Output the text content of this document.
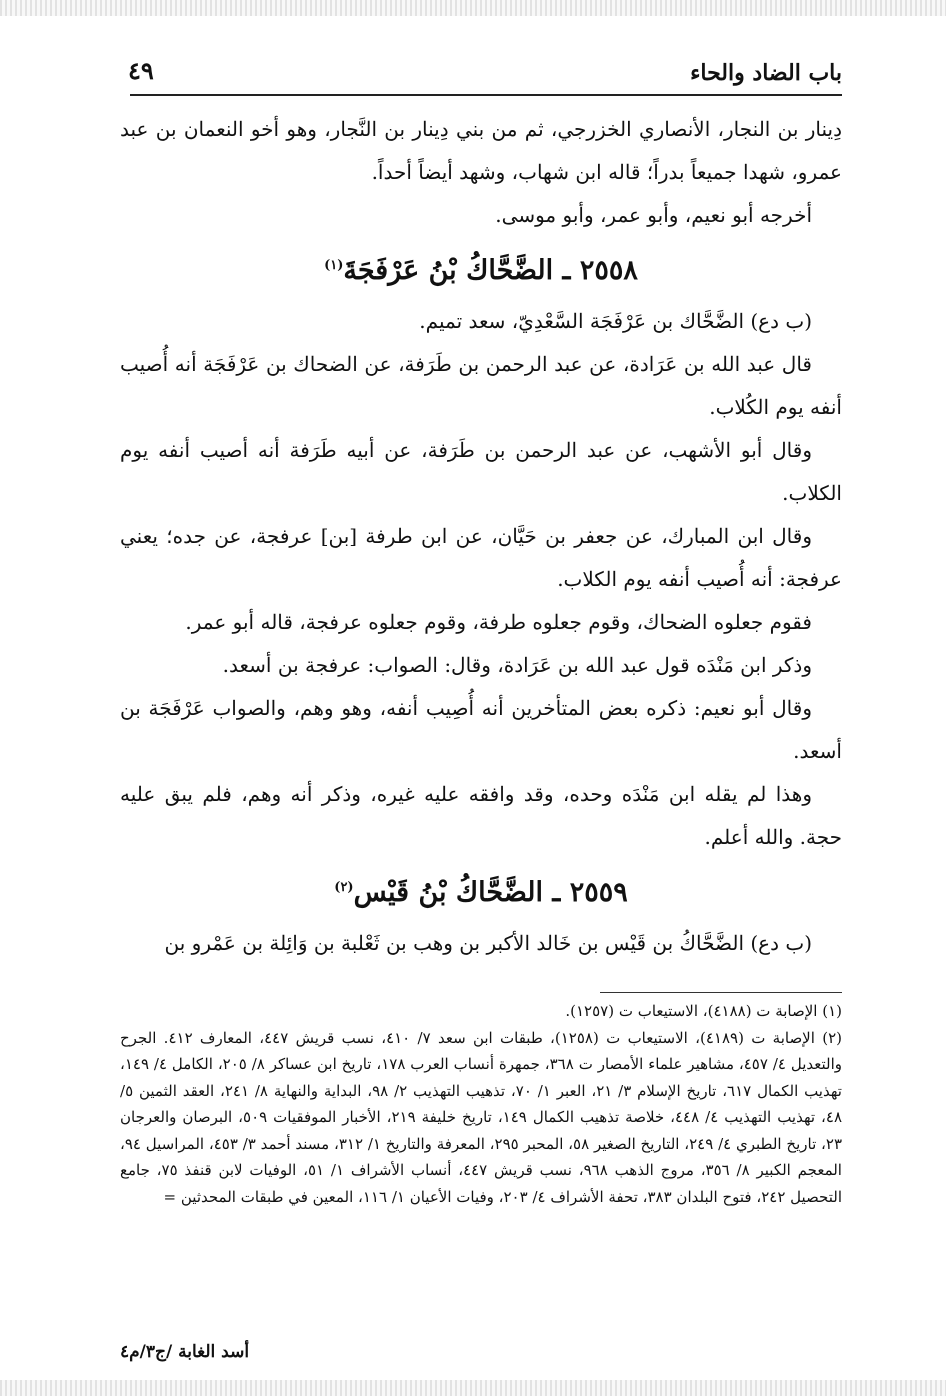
باب الضاد والحاء
٤٩

دِينار بن النجار، الأنصاري الخزرجي، ثم من بني دِينار بن النَّجار، وهو أخو النعمان بن عبد عمرو، شهدا جميعاً بدراً؛ قاله ابن شهاب، وشهد أيضاً أحداً.

أخرجه أبو نعيم، وأبو عمر، وأبو موسى.

٢٥٥٨ ـ الضَّحَّاكُ بْنُ عَرْفَجَةَ$^{(١)}$

(ب دع) الضَّحَّاك بن عَرْفَجَة السَّعْدِيّ، سعد تميم.

قال عبد الله بن عَرَادة، عن عبد الرحمن بن طَرَفة، عن الضحاك بن عَرْفَجَة أنه أُصيب أنفه يوم الكُلاب.

وقال أبو الأشهب، عن عبد الرحمن بن طَرَفة، عن أبيه طَرَفة أنه أصيب أنفه يوم الكلاب.

وقال ابن المبارك، عن جعفر بن حَيَّان، عن ابن طرفة [بن] عرفجة، عن جده؛ يعني عرفجة: أنه أُصيب أنفه يوم الكلاب.

فقوم جعلوه الضحاك، وقوم جعلوه طرفة، وقوم جعلوه عرفجة، قاله أبو عمر.

وذكر ابن مَنْدَه قول عبد الله بن عَرَادة، وقال: الصواب: عرفجة بن أسعد.

وقال أبو نعيم: ذكره بعض المتأخرين أنه أُصِيب أنفه، وهو وهم، والصواب عَرْفَجَة بن أسعد.

وهذا لم يقله ابن مَنْدَه وحده، وقد وافقه عليه غيره، وذكر أنه وهم، فلم يبق عليه حجة. والله أعلم.

٢٥٥٩ ـ الضَّحَّاكُ بْنُ قَيْس$^{(٢)}$

(ب دع) الضَّحَّاكُ بن قَيْس بن خَالد الأكبر بن وهب بن ثَعْلبة بن وَائِلة بن عَمْرو بن

(١) الإصابة ت (٤١٨٨)، الاستيعاب ت (١٢٥٧).

(٢) الإصابة ت (٤١٨٩)، الاستيعاب ت (١٢٥٨)، طبقات ابن سعد ٧/ ٤١٠، نسب قريش ٤٤٧، المعارف ٤١٢. الجرح والتعديل ٤/ ٤٥٧، مشاهير علماء الأمصار ت ٣٦٨، جمهرة أنساب العرب ١٧٨، تاريخ ابن عساكر ٨/ ٢٠٥، الكامل ٤/ ١٤٩، تهذيب الكمال ٦١٧، تاريخ الإسلام ٣/ ٢١، العبر ١/ ٧٠، تذهيب التهذيب ٢/ ٩٨، البداية والنهاية ٨/ ٢٤١، العقد الثمين ٥/ ٤٨، تهذيب التهذيب ٤/ ٤٤٨، خلاصة تذهيب الكمال ١٤٩، تاريخ خليفة ٢١٩، الأخبار الموفقيات ٥٠٩، البرصان والعرجان ٢٣، تاريخ الطبري ٤/ ٢٤٩، التاريخ الصغير ٥٨، المحبر ٢٩٥، المعرفة والتاريخ ١/ ٣١٢، مسند أحمد ٣/ ٤٥٣، المراسيل ٩٤، المعجم الكبير ٨/ ٣٥٦، مروج الذهب ٩٦٨، نسب قريش ٤٤٧، أنساب الأشراف ١/ ٥١، الوفيات لابن قنفذ ٧٥، جامع التحصيل ٢٤٢، فتوح البلدان ٣٨٣، تحفة الأشراف ٤/ ٢٠٣، وفيات الأعيان ١/ ١١٦، المعين في طبقات المحدثين =

أسد الغابة /ج٣/م٤
